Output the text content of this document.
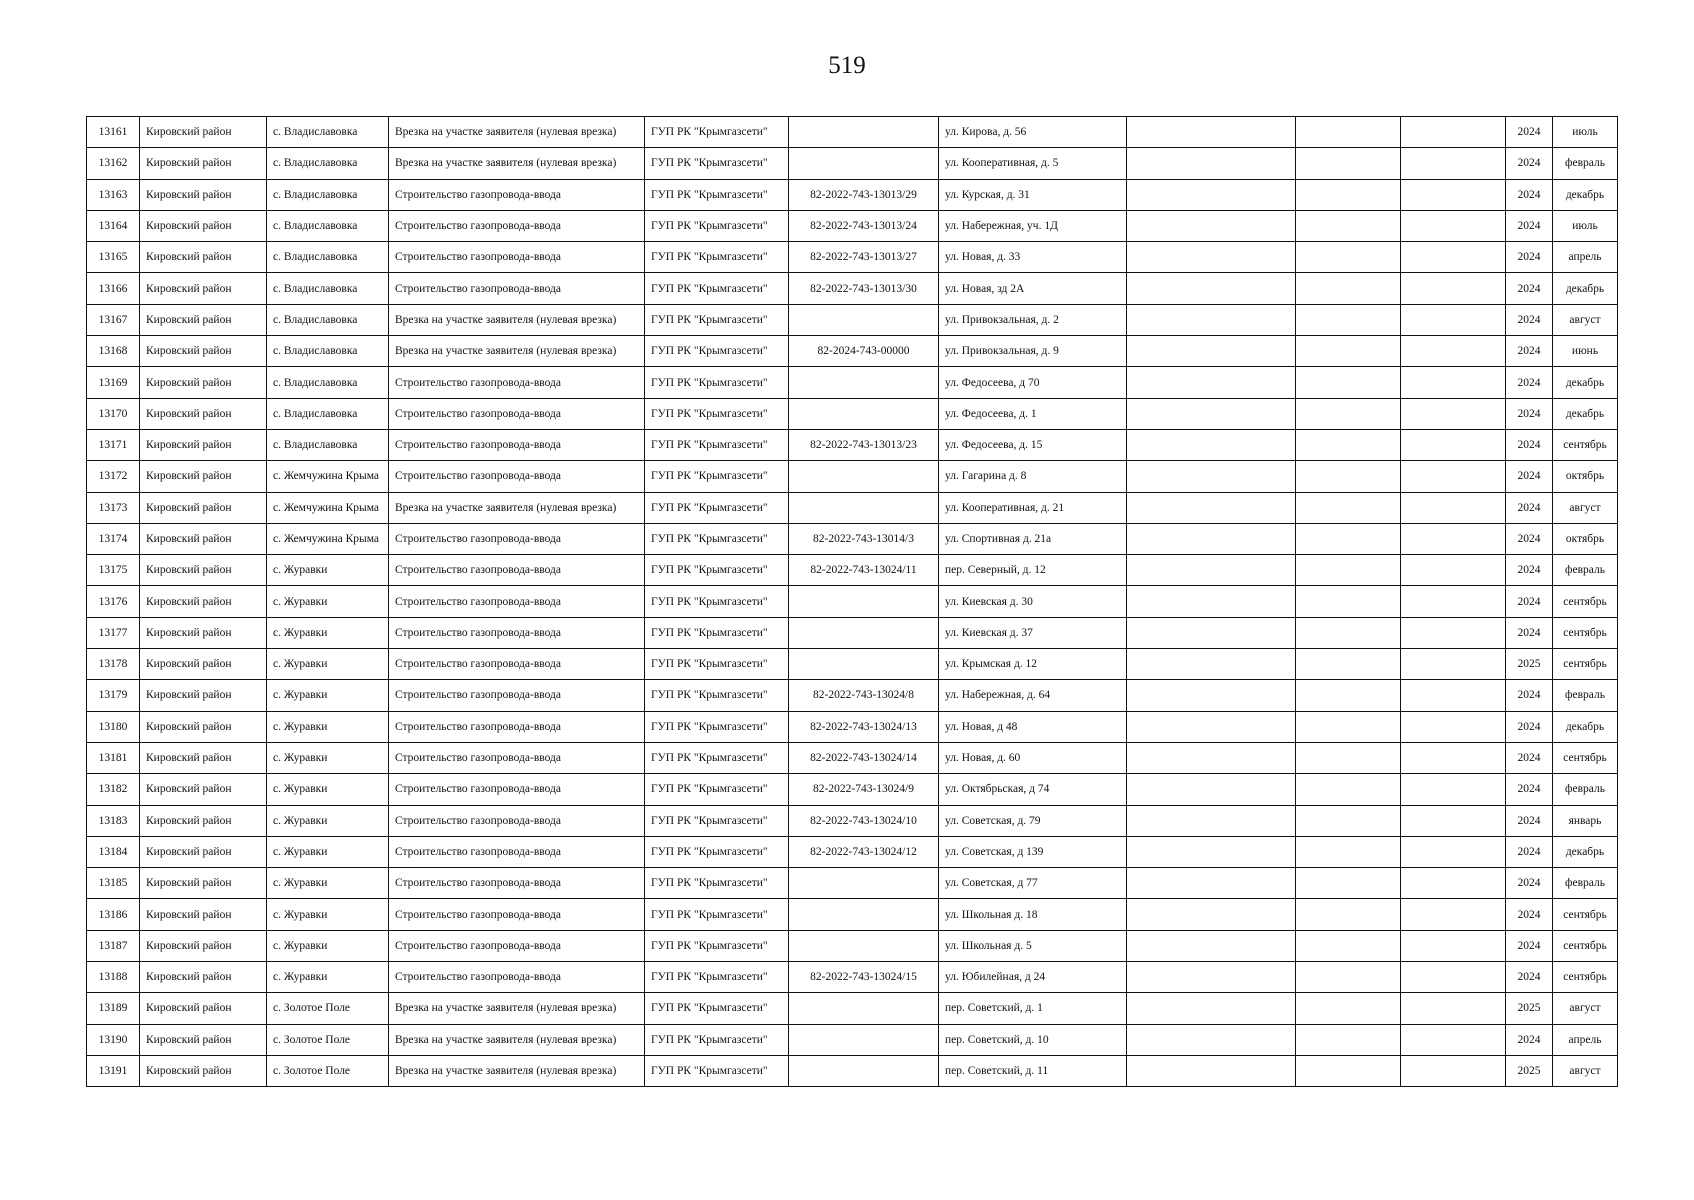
519
13161	Кировский район	с. Владиславовка	Врезка на участке заявителя (нулевая врезка)	ГУП РК "Крымгазсети"		ул. Кирова, д. 56				2024	июль
13162	Кировский район	с. Владиславовка	Врезка на участке заявителя (нулевая врезка)	ГУП РК "Крымгазсети"		ул. Кооперативная, д. 5				2024	февраль
13163	Кировский район	с. Владиславовка	Строительство газопровода-ввода	ГУП РК "Крымгазсети"	82-2022-743-13013/29	ул. Курская, д. 31				2024	декабрь
13164	Кировский район	с. Владиславовка	Строительство газопровода-ввода	ГУП РК "Крымгазсети"	82-2022-743-13013/24	ул. Набережная, уч. 1Д				2024	июль
13165	Кировский район	с. Владиславовка	Строительство газопровода-ввода	ГУП РК "Крымгазсети"	82-2022-743-13013/27	ул. Новая, д. 33				2024	апрель
13166	Кировский район	с. Владиславовка	Строительство газопровода-ввода	ГУП РК "Крымгазсети"	82-2022-743-13013/30	ул. Новая, зд 2А				2024	декабрь
13167	Кировский район	с. Владиславовка	Врезка на участке заявителя (нулевая врезка)	ГУП РК "Крымгазсети"		ул. Привокзальная, д. 2				2024	август
13168	Кировский район	с. Владиславовка	Врезка на участке заявителя (нулевая врезка)	ГУП РК "Крымгазсети"	82-2024-743-00000	ул. Привокзальная, д. 9				2024	июнь
13169	Кировский район	с. Владиславовка	Строительство газопровода-ввода	ГУП РК "Крымгазсети"		ул. Федосеева, д 70				2024	декабрь
13170	Кировский район	с. Владиславовка	Строительство газопровода-ввода	ГУП РК "Крымгазсети"		ул. Федосеева, д. 1				2024	декабрь
13171	Кировский район	с. Владиславовка	Строительство газопровода-ввода	ГУП РК "Крымгазсети"	82-2022-743-13013/23	ул. Федосеева, д. 15				2024	сентябрь
13172	Кировский район	с. Жемчужина Крыма	Строительство газопровода-ввода	ГУП РК "Крымгазсети"		ул. Гагарина д. 8				2024	октябрь
13173	Кировский район	с. Жемчужина Крыма	Врезка на участке заявителя (нулевая врезка)	ГУП РК "Крымгазсети"		ул. Кооперативная, д. 21				2024	август
13174	Кировский район	с. Жемчужина Крыма	Строительство газопровода-ввода	ГУП РК "Крымгазсети"	82-2022-743-13014/3	ул. Спортивная д. 21а				2024	октябрь
13175	Кировский район	с. Журавки	Строительство газопровода-ввода	ГУП РК "Крымгазсети"	82-2022-743-13024/11	пер. Северный, д. 12				2024	февраль
13176	Кировский район	с. Журавки	Строительство газопровода-ввода	ГУП РК "Крымгазсети"		ул. Киевская д. 30				2024	сентябрь
13177	Кировский район	с. Журавки	Строительство газопровода-ввода	ГУП РК "Крымгазсети"		ул. Киевская д. 37				2024	сентябрь
13178	Кировский район	с. Журавки	Строительство газопровода-ввода	ГУП РК "Крымгазсети"		ул. Крымская д. 12				2025	сентябрь
13179	Кировский район	с. Журавки	Строительство газопровода-ввода	ГУП РК "Крымгазсети"	82-2022-743-13024/8	ул. Набережная, д. 64				2024	февраль
13180	Кировский район	с. Журавки	Строительство газопровода-ввода	ГУП РК "Крымгазсети"	82-2022-743-13024/13	ул. Новая, д 48				2024	декабрь
13181	Кировский район	с. Журавки	Строительство газопровода-ввода	ГУП РК "Крымгазсети"	82-2022-743-13024/14	ул. Новая, д. 60				2024	сентябрь
13182	Кировский район	с. Журавки	Строительство газопровода-ввода	ГУП РК "Крымгазсети"	82-2022-743-13024/9	ул. Октябрьская, д 74				2024	февраль
13183	Кировский район	с. Журавки	Строительство газопровода-ввода	ГУП РК "Крымгазсети"	82-2022-743-13024/10	ул. Советская, д. 79				2024	январь
13184	Кировский район	с. Журавки	Строительство газопровода-ввода	ГУП РК "Крымгазсети"	82-2022-743-13024/12	ул. Советская, д 139				2024	декабрь
13185	Кировский район	с. Журавки	Строительство газопровода-ввода	ГУП РК "Крымгазсети"		ул. Советская, д 77				2024	февраль
13186	Кировский район	с. Журавки	Строительство газопровода-ввода	ГУП РК "Крымгазсети"		ул. Школьная д. 18				2024	сентябрь
13187	Кировский район	с. Журавки	Строительство газопровода-ввода	ГУП РК "Крымгазсети"		ул. Школьная д. 5				2024	сентябрь
13188	Кировский район	с. Журавки	Строительство газопровода-ввода	ГУП РК "Крымгазсети"	82-2022-743-13024/15	ул. Юбилейная, д 24				2024	сентябрь
13189	Кировский район	с. Золотое Поле	Врезка на участке заявителя (нулевая врезка)	ГУП РК "Крымгазсети"		пер. Советский, д. 1				2025	август
13190	Кировский район	с. Золотое Поле	Врезка на участке заявителя (нулевая врезка)	ГУП РК "Крымгазсети"		пер. Советский, д. 10				2024	апрель
13191	Кировский район	с. Золотое Поле	Врезка на участке заявителя (нулевая врезка)	ГУП РК "Крымгазсети"		пер. Советский, д. 11				2025	август
